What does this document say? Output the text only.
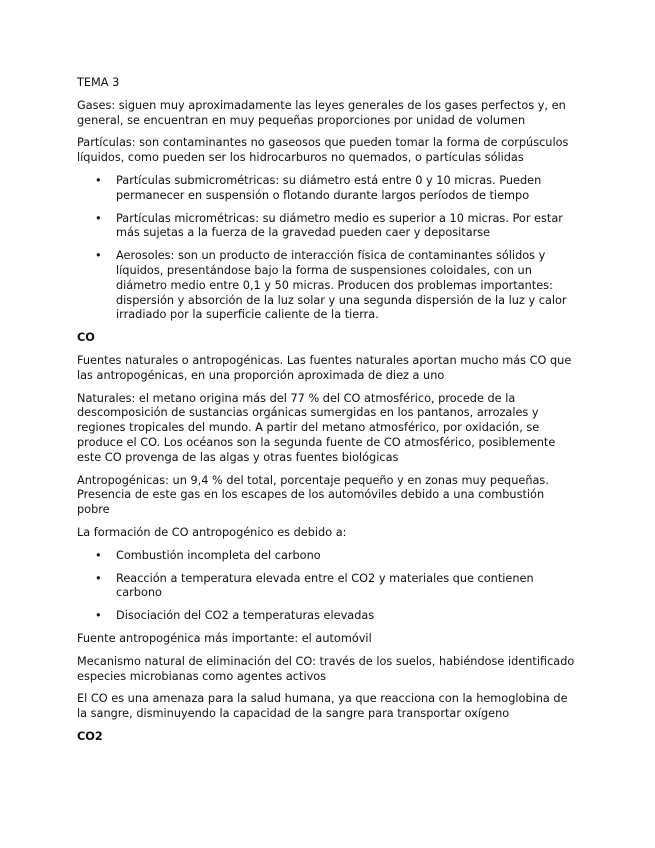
TEMA 3

Gases: siguen muy aproximadamente las leyes generales de los gases perfectos y, en general, se encuentran en muy pequeñas proporciones por unidad de volumen

Partículas: son contaminantes no gaseosos que pueden tomar la forma de corpúsculos líquidos, como pueden ser los hidrocarburos no quemados, o partículas sólidas

• Partículas submicrométricas: su diámetro está entre 0 y 10 micras. Pueden permanecer en suspensión o flotando durante largos períodos de tiempo
• Partículas micrométricas: su diámetro medio es superior a 10 micras. Por estar más sujetas a la fuerza de la gravedad pueden caer y depositarse
• Aerosoles: son un producto de interacción física de contaminantes sólidos y líquidos, presentándose bajo la forma de suspensiones coloidales, con un diámetro medio entre 0,1 y 50 micras. Producen dos problemas importantes: dispersión y absorción de la luz solar y una segunda dispersión de la luz y calor irradiado por la superficie caliente de la tierra.

CO

Fuentes naturales o antropogénicas. Las fuentes naturales aportan mucho más CO que las antropogénicas, en una proporción aproximada de diez a uno

Naturales: el metano origina más del 77 % del CO atmosférico, procede de la descomposición de sustancias orgánicas sumergidas en los pantanos, arrozales y regiones tropicales del mundo. A partir del metano atmosférico, por oxidación, se produce el CO. Los océanos son la segunda fuente de CO atmosférico, posiblemente este CO provenga de las algas y otras fuentes biológicas

Antropogénicas: un 9,4 % del total, porcentaje pequeño y en zonas muy pequeñas. Presencia de este gas en los escapes de los automóviles debido a una combustión pobre

La formación de CO antropogénico es debido a:

• Combustión incompleta del carbono
• Reacción a temperatura elevada entre el CO2 y materiales que contienen carbono
• Disociación del CO2 a temperaturas elevadas

Fuente antropogénica más importante: el automóvil

Mecanismo natural de eliminación del CO: través de los suelos, habiéndose identificado especies microbianas como agentes activos

El CO es una amenaza para la salud humana, ya que reacciona con la hemoglobina de la sangre, disminuyendo la capacidad de la sangre para transportar oxígeno

CO2
